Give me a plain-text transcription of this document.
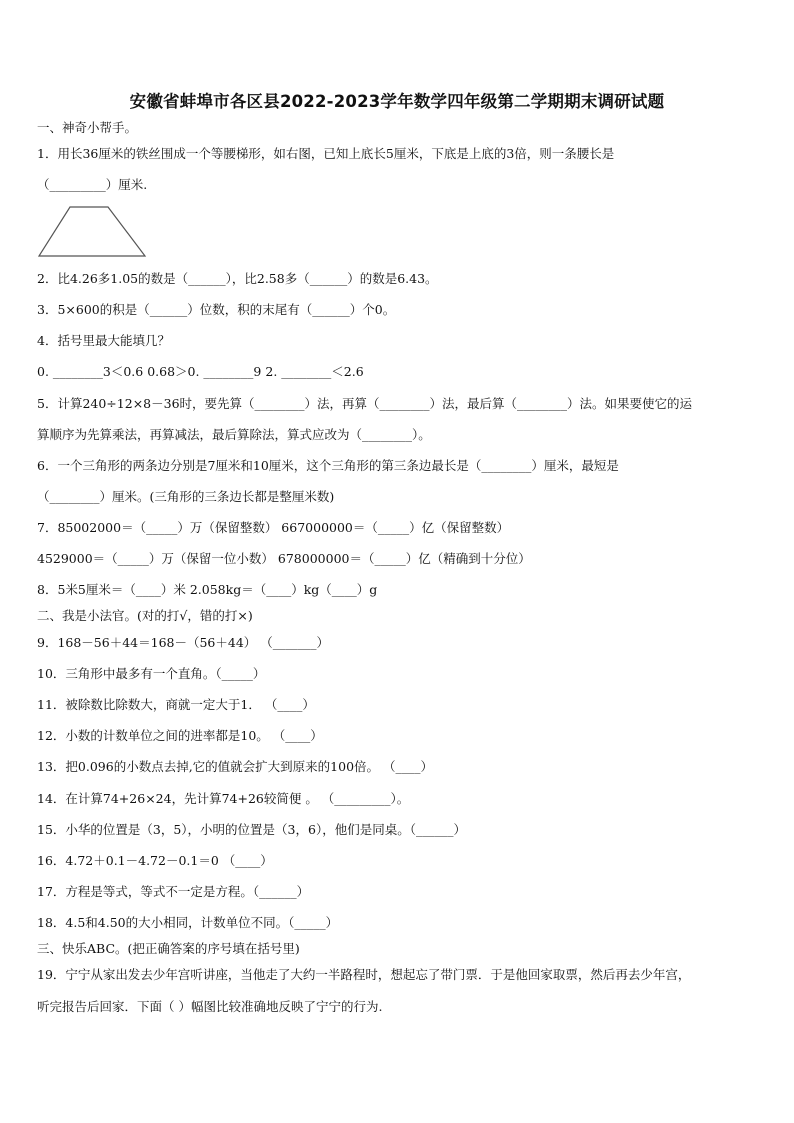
安徽省蚌埠市各区县2022-2023学年数学四年级第二学期期末调研试题
一、神奇小帮手。
1．用长36厘米的铁丝围成一个等腰梯形，如右图，已知上底长5厘米，下底是上底的3倍，则一条腰长是
（_________）厘米.
2．比4.26多1.05的数是（______），比2.58多（______）的数是6.43。
3．5×600的积是（______）位数，积的末尾有（______）个0。
4．括号里最大能填几？
0. ________3＜0.6 0.68＞0. ________9 2. ________＜2.6
5．计算240÷12×8－36时，要先算（________）法，再算（________）法，最后算（________）法。如果要使它的运
算顺序为先算乘法，再算减法，最后算除法，算式应改为（________）。
6．一个三角形的两条边分别是7厘米和10厘米，这个三角形的第三条边最长是（________）厘米，最短是
（________）厘米。(三角形的三条边长都是整厘米数)
7．85002000＝（_____）万（保留整数） 667000000＝（_____）亿（保留整数）
4529000＝（_____）万（保留一位小数） 678000000＝（_____）亿（精确到十分位）
8．5米5厘米＝（____）米 2.058kg＝（____）kg（____）g
二、我是小法官。(对的打√，错的打×)
9．168－56＋44＝168－（56＋44） （_______）
10．三角形中最多有一个直角。（_____）
11．被除数比除数大，商就一定大于1． （____）
12．小数的计数单位之间的进率都是10。 （____）
13．把0.096的小数点去掉,它的值就会扩大到原来的100倍。 （____）
14．在计算74+26×24，先计算74+26较简便 。 （_________）。
15．小华的位置是（3，5），小明的位置是（3，6），他们是同桌。（______）
16．4.72＋0.1－4.72－0.1＝0 （____）
17．方程是等式，等式不一定是方程。（______）
18．4.5和4.50的大小相同，计数单位不同。（_____）
三、快乐ABC。(把正确答案的序号填在括号里)
19．宁宁从家出发去少年宫听讲座，当他走了大约一半路程时，想起忘了带门票．于是他回家取票，然后再去少年宫，
听完报告后回家．下面（ ）幅图比较准确地反映了宁宁的行为.
